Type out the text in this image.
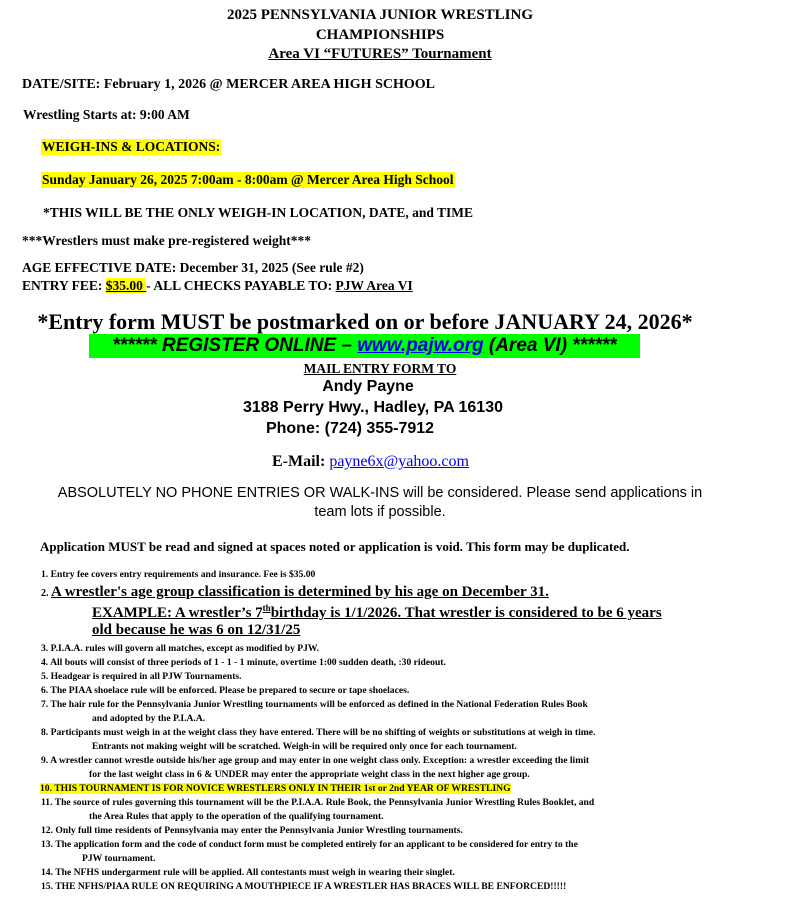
2025 PENNSYLVANIA JUNIOR WRESTLING
CHAMPIONSHIPS
Area VI “FUTURES” Tournament
DATE/SITE: February 1, 2026 @ MERCER AREA HIGH SCHOOL
Wrestling Starts at: 9:00 AM
WEIGH-INS & LOCATIONS:
Sunday January 26, 2025 7:00am - 8:00am @ Mercer Area High School
*THIS WILL BE THE ONLY WEIGH-IN LOCATION, DATE, and TIME
***Wrestlers must make pre-registered weight***
AGE EFFECTIVE DATE: December 31, 2025 (See rule #2)
ENTRY FEE: $35.00 - ALL CHECKS PAYABLE TO: PJW Area VI
*Entry form MUST be postmarked on or before JANUARY 24, 2026*
****** REGISTER ONLINE – www.pajw.org (Area VI) ******
MAIL ENTRY FORM TO
Andy Payne
3188 Perry Hwy., Hadley, PA 16130
Phone: (724) 355-7912
E-Mail: payne6x@yahoo.com
ABSOLUTELY NO PHONE ENTRIES OR WALK-INS will be considered. Please send applications in
team lots if possible.
Application MUST be read and signed at spaces noted or application is void. This form may be duplicated.
1. Entry fee covers entry requirements and insurance. Fee is $35.00
2. A wrestler's age group classification is determined by his age on December 31.
EXAMPLE: A wrestler’s 7thbirthday is 1/1/2026. That wrestler is considered to be 6 years
old because he was 6 on 12/31/25
3. P.I.A.A. rules will govern all matches, except as modified by PJW.
4. All bouts will consist of three periods of 1 - 1 - 1 minute, overtime 1:00 sudden death, :30 rideout.
5. Headgear is required in all PJW Tournaments.
6. The PIAA shoelace rule will be enforced. Please be prepared to secure or tape shoelaces.
7. The hair rule for the Pennsylvania Junior Wrestling tournaments will be enforced as defined in the National Federation Rules Book
and adopted by the P.I.A.A.
8. Participants must weigh in at the weight class they have entered. There will be no shifting of weights or substitutions at weigh in time.
Entrants not making weight will be scratched. Weigh-in will be required only once for each tournament.
9. A wrestler cannot wrestle outside his/her age group and may enter in one weight class only. Exception: a wrestler exceeding the limit
for the last weight class in 6 & UNDER may enter the appropriate weight class in the next higher age group.
10. THIS TOURNAMENT IS FOR NOVICE WRESTLERS ONLY IN THEIR 1st or 2nd YEAR OF WRESTLING
11. The source of rules governing this tournament will be the P.I.A.A. Rule Book, the Pennsylvania Junior Wrestling Rules Booklet, and
the Area Rules that apply to the operation of the qualifying tournament.
12. Only full time residents of Pennsylvania may enter the Pennsylvania Junior Wrestling tournaments.
13. The application form and the code of conduct form must be completed entirely for an applicant to be considered for entry to the
PJW tournament.
14. The NFHS undergarment rule will be applied. All contestants must weigh in wearing their singlet.
15. THE NFHS/PIAA RULE ON REQUIRING A MOUTHPIECE IF A WRESTLER HAS BRACES WILL BE ENFORCED!!!!!
